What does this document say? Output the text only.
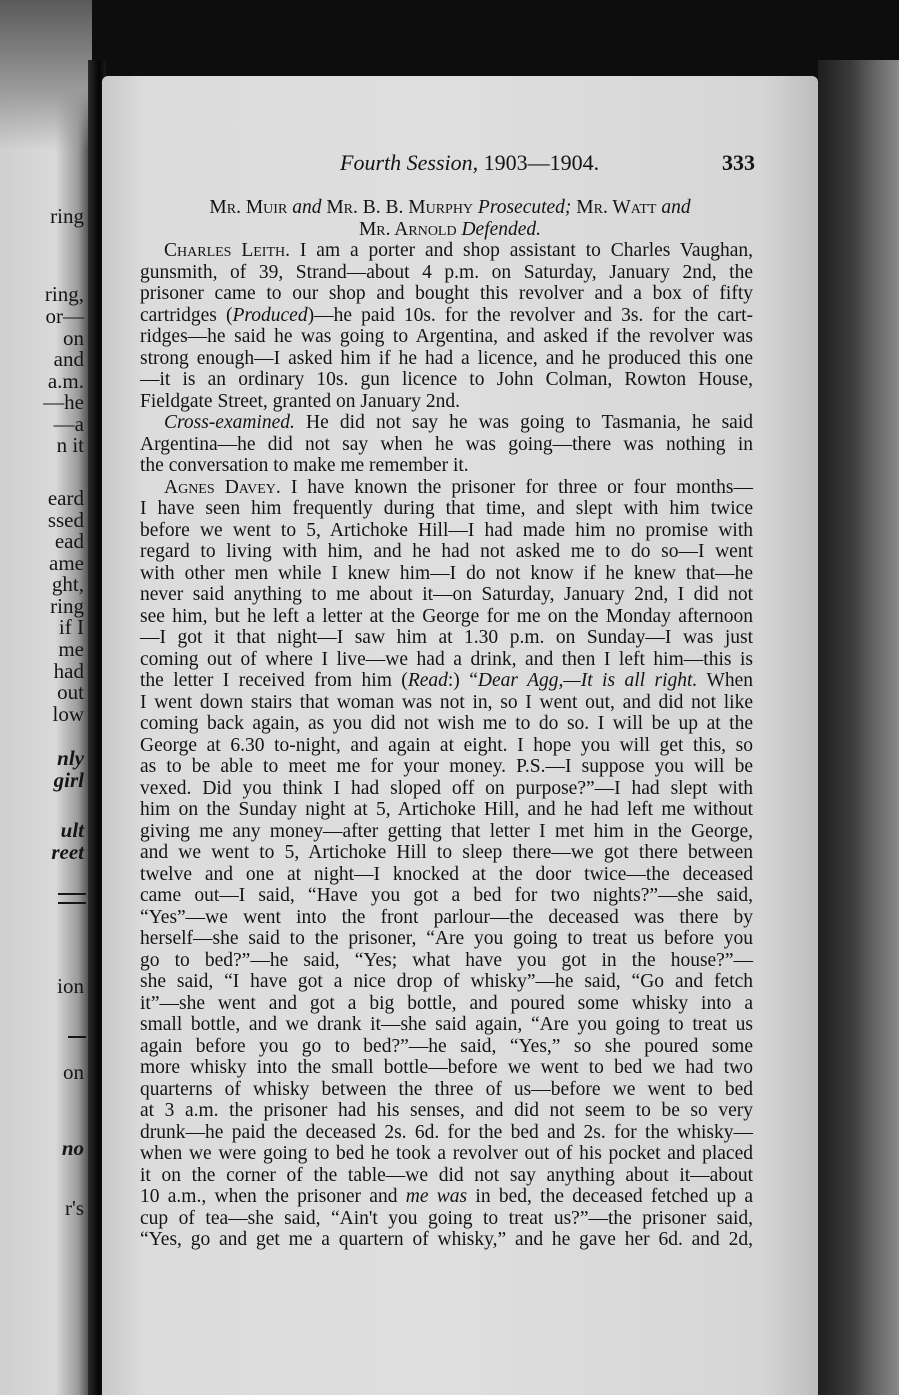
ring
ring,
or—
on
and
a.m.
—he
—a
n it
eard
ssed
ead
ame
ght,
ring
if I
me
had
out
low
nly
girl
ult
reet
ion
on
no
r's
Fourth Session, 1903—1904.	333
Mr. Muir and Mr. B. B. Murphy Prosecuted; Mr. Watt and
Mr. Arnold Defended.
Charles Leith. I am a porter and shop assistant to Charles Vaughan,
gunsmith, of 39, Strand—about 4 p.m. on Saturday, January 2nd, the
prisoner came to our shop and bought this revolver and a box of fifty
cartridges (Produced)—he paid 10s. for the revolver and 3s. for the cart-
ridges—he said he was going to Argentina, and asked if the revolver was
strong enough—I asked him if he had a licence, and he produced this one
—it is an ordinary 10s. gun licence to John Colman, Rowton House,
Fieldgate Street, granted on January 2nd.
Cross-examined. He did not say he was going to Tasmania, he said
Argentina—he did not say when he was going—there was nothing in
the conversation to make me remember it.
Agnes Davey. I have known the prisoner for three or four months—
I have seen him frequently during that time, and slept with him twice
before we went to 5, Artichoke Hill—I had made him no promise with
regard to living with him, and he had not asked me to do so—I went
with other men while I knew him—I do not know if he knew that—he
never said anything to me about it—on Saturday, January 2nd, I did not
see him, but he left a letter at the George for me on the Monday afternoon
—I got it that night—I saw him at 1.30 p.m. on Sunday—I was just
coming out of where I live—we had a drink, and then I left him—this is
the letter I received from him (Read:) “Dear Agg,—It is all right. When
I went down stairs that woman was not in, so I went out, and did not like
coming back again, as you did not wish me to do so. I will be up at the
George at 6.30 to-night, and again at eight. I hope you will get this, so
as to be able to meet me for your money. P.S.—I suppose you will be
vexed. Did you think I had sloped off on purpose?”—I had slept with
him on the Sunday night at 5, Artichoke Hill, and he had left me without
giving me any money—after getting that letter I met him in the George,
and we went to 5, Artichoke Hill to sleep there—we got there between
twelve and one at night—I knocked at the door twice—the deceased
came out—I said, “Have you got a bed for two nights?”—she said,
“Yes”—we went into the front parlour—the deceased was there by
herself—she said to the prisoner, “Are you going to treat us before you
go to bed?”—he said, “Yes; what have you got in the house?”—
she said, “I have got a nice drop of whisky”—he said, “Go and fetch
it”—she went and got a big bottle, and poured some whisky into a
small bottle, and we drank it—she said again, “Are you going to treat us
again before you go to bed?”—he said, “Yes,” so she poured some
more whisky into the small bottle—before we went to bed we had two
quarterns of whisky between the three of us—before we went to bed
at 3 a.m. the prisoner had his senses, and did not seem to be so very
drunk—he paid the deceased 2s. 6d. for the bed and 2s. for the whisky—
when we were going to bed he took a revolver out of his pocket and placed
it on the corner of the table—we did not say anything about it—about
10 a.m., when the prisoner and me was in bed, the deceased fetched up a
cup of tea—she said, “Ain't you going to treat us?”—the prisoner said,
“Yes, go and get me a quartern of whisky,” and he gave her 6d. and 2d,
